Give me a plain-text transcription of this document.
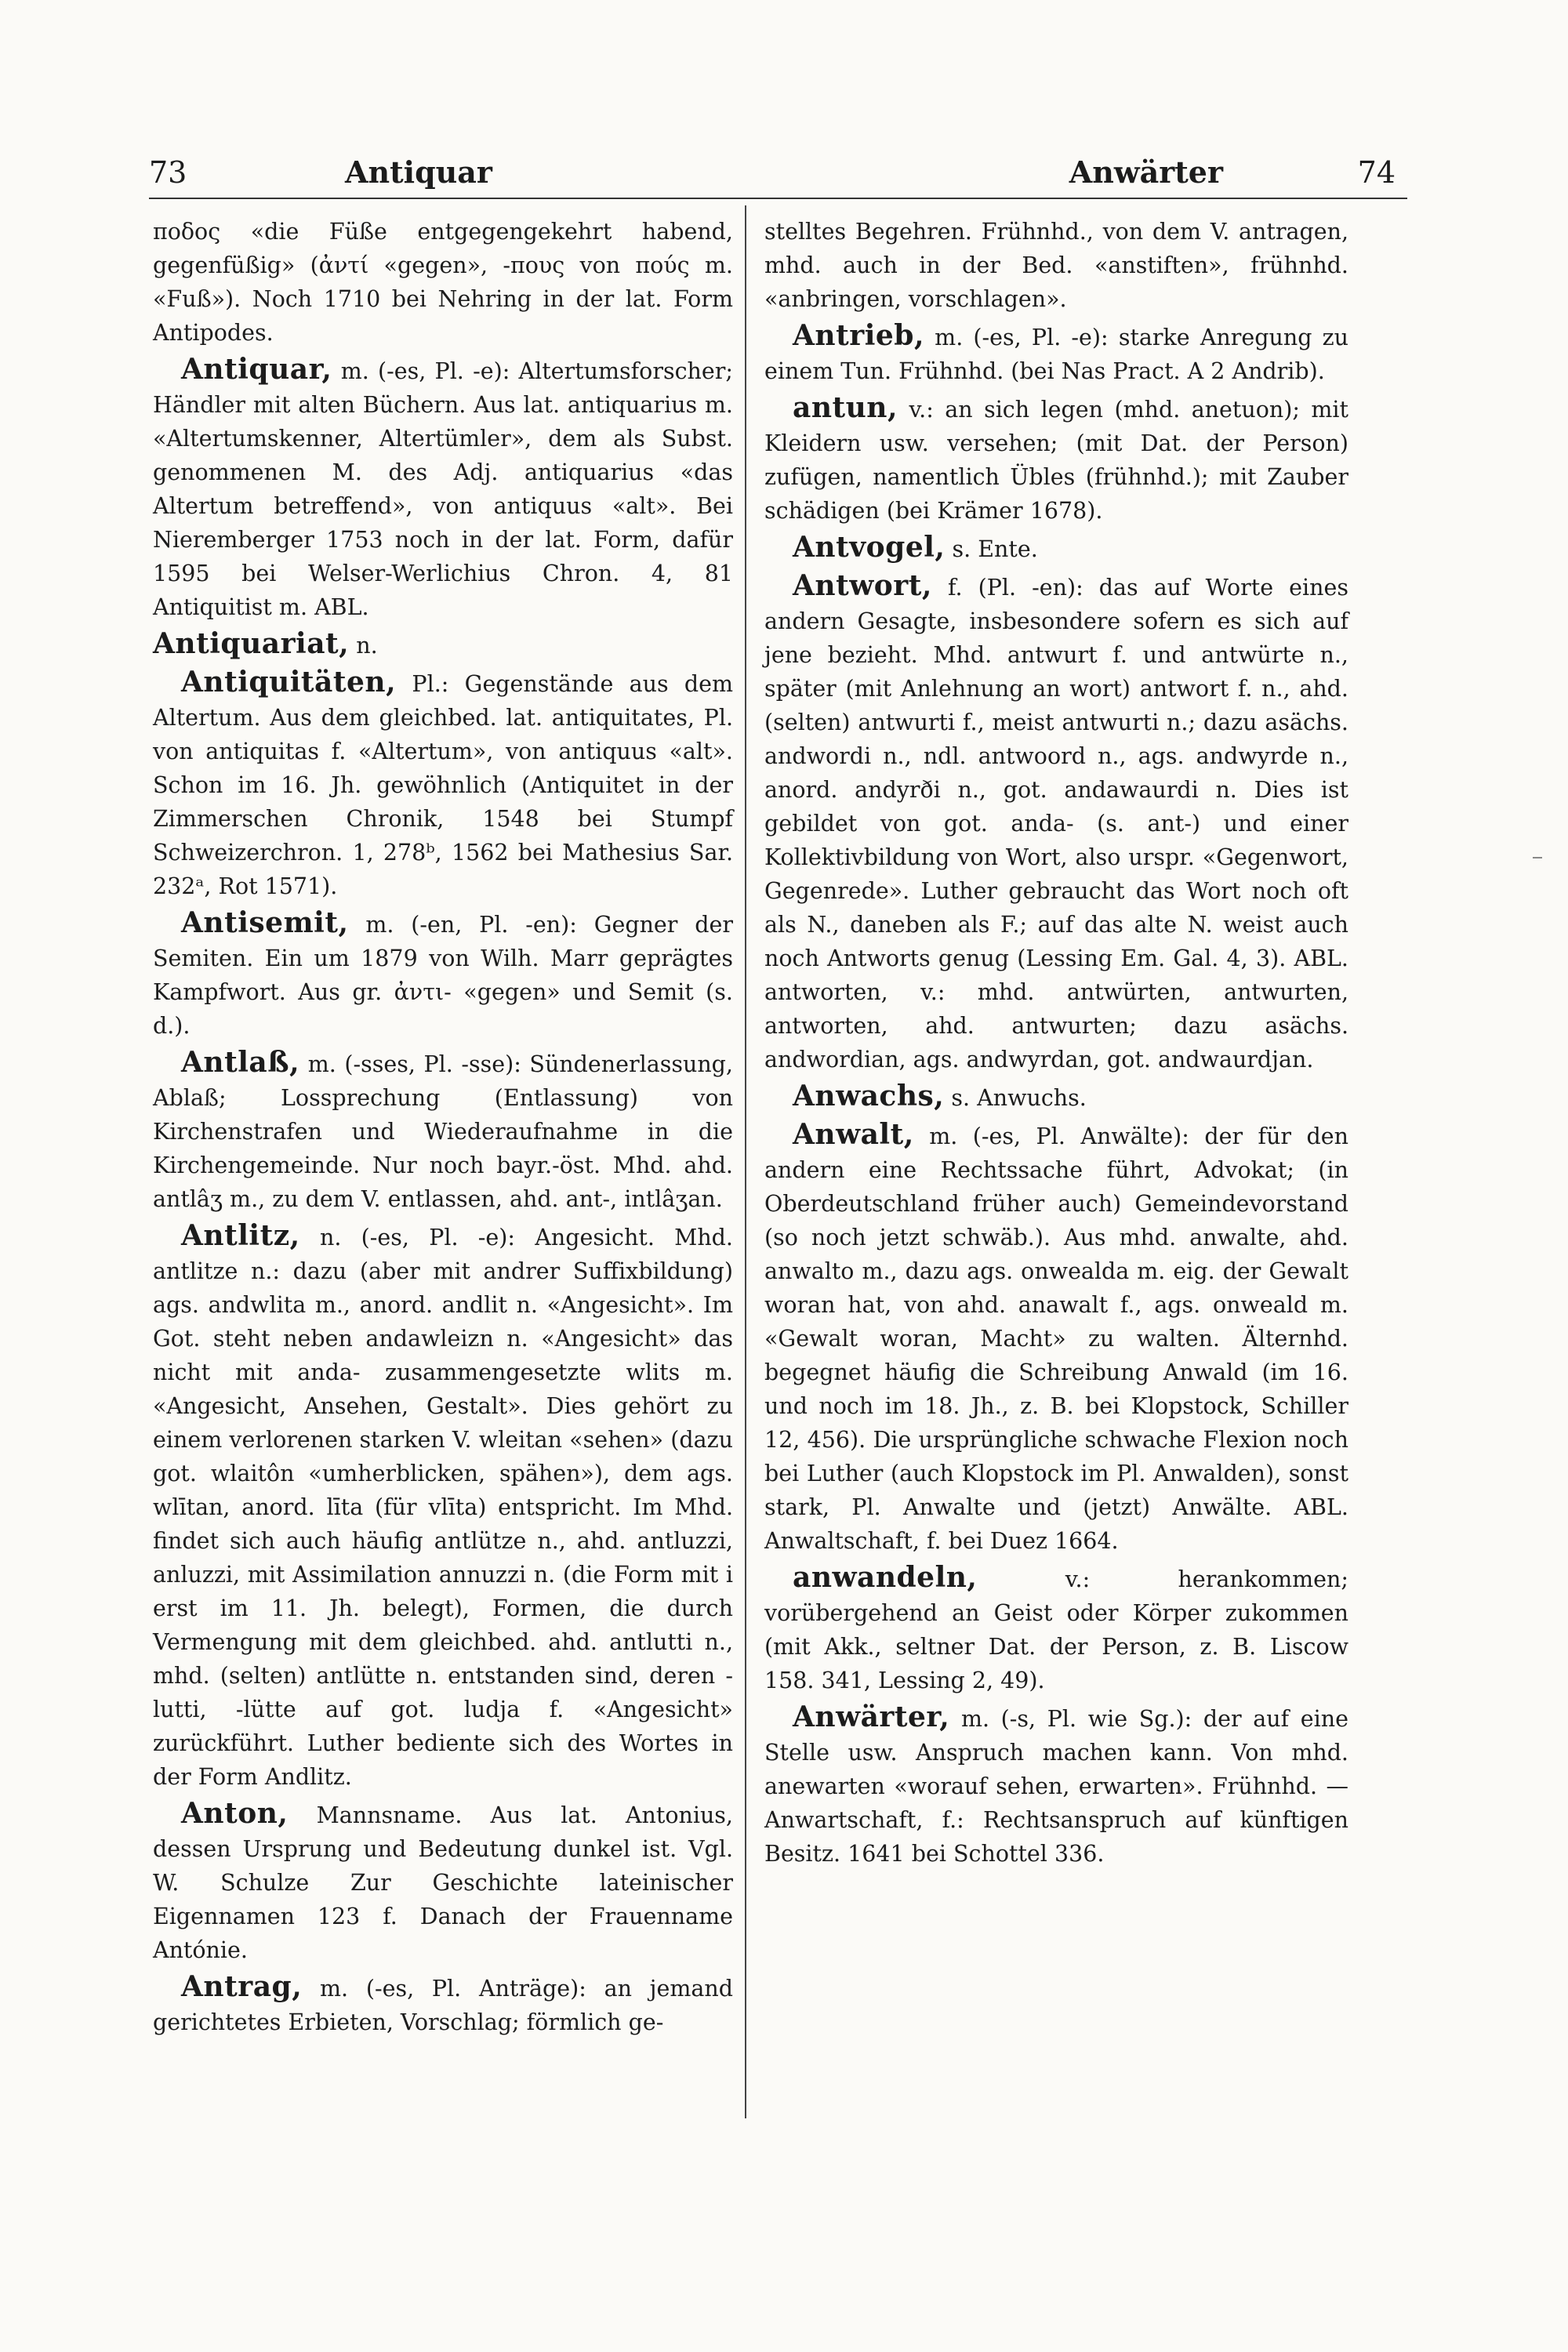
73	Antiquar	Anwärter	74

ποδος «die Füße entgegengekehrt habend, gegenfüßig» (ἀντί «gegen», -πους von πούς m. «Fuß»). Noch 1710 bei Nehring in der lat. Form Antipodes.

Antiquar, m. (-es, Pl. -e): Altertumsforscher; Händler mit alten Büchern. Aus lat. antiquarius m. «Altertumskenner, Altertümler», dem als Subst. genommenen M. des Adj. antiquarius «das Altertum betreffend», von antiquus «alt». Bei Nieremberger 1753 noch in der lat. Form, dafür 1595 bei Welser-Werlichius Chron. 4, 81 Antiquitist m. ABL.

Antiquariat, n.

Antiquitäten, Pl.: Gegenstände aus dem Altertum. Aus dem gleichbed. lat. antiquitates, Pl. von antiquitas f. «Altertum», von antiquus «alt». Schon im 16. Jh. gewöhnlich (Antiquitet in der Zimmerschen Chronik, 1548 bei Stumpf Schweizerchron. 1, 278ᵇ, 1562 bei Mathesius Sar. 232ᵃ, Rot 1571).

Antisemit, m. (-en, Pl. -en): Gegner der Semiten. Ein um 1879 von Wilh. Marr geprägtes Kampfwort. Aus gr. ἀντι- «gegen» und Semit (s. d.).

Antlaß, m. (-sses, Pl. -sse): Sündenerlassung, Ablaß; Lossprechung (Entlassung) von Kirchenstrafen und Wiederaufnahme in die Kirchengemeinde. Nur noch bayr.-öst. Mhd. ahd. antlâʒ m., zu dem V. entlassen, ahd. ant-, intlâʒan.

Antlitz, n. (-es, Pl. -e): Angesicht. Mhd. antlitze n.: dazu (aber mit andrer Suffixbildung) ags. andwlita m., anord. andlit n. «Angesicht». Im Got. steht neben andawleizn n. «Angesicht» das nicht mit anda- zusammengesetzte wlits m. «Angesicht, Ansehen, Gestalt». Dies gehört zu einem verlorenen starken V. wleitan «sehen» (dazu got. wlaitôn «umherblicken, spähen»), dem ags. wlītan, anord. līta (für vlīta) entspricht. Im Mhd. findet sich auch häufig antlütze n., ahd. antluzzi, anluzzi, mit Assimilation annuzzi n. (die Form mit i erst im 11. Jh. belegt), Formen, die durch Vermengung mit dem gleichbed. ahd. antlutti n., mhd. (selten) antlütte n. entstanden sind, deren -lutti, -lütte auf got. ludja f. «Angesicht» zurückführt. Luther bediente sich des Wortes in der Form Andlitz.

Anton, Mannsname. Aus lat. Antonius, dessen Ursprung und Bedeutung dunkel ist. Vgl. W. Schulze Zur Geschichte lateinischer Eigennamen 123 f. Danach der Frauenname Antónie.

Antrag, m. (-es, Pl. Anträge): an jemand gerichtetes Erbieten, Vorschlag; förmlich ge-

stelltes Begehren. Frühnhd., von dem V. antragen, mhd. auch in der Bed. «anstiften», frühnhd. «anbringen, vorschlagen».

Antrieb, m. (-es, Pl. -e): starke Anregung zu einem Tun. Frühnhd. (bei Nas Pract. A 2 Andrib).

antun, v.: an sich legen (mhd. anetuon); mit Kleidern usw. versehen; (mit Dat. der Person) zufügen, namentlich Übles (frühnhd.); mit Zauber schädigen (bei Krämer 1678).

Antvogel, s. Ente.

Antwort, f. (Pl. -en): das auf Worte eines andern Gesagte, insbesondere sofern es sich auf jene bezieht. Mhd. antwurt f. und antwürte n., später (mit Anlehnung an wort) antwort f. n., ahd. (selten) antwurti f., meist antwurti n.; dazu asächs. andwordi n., ndl. antwoord n., ags. andwyrde n., anord. andyrði n., got. andawaurdi n. Dies ist gebildet von got. anda- (s. ant-) und einer Kollektivbildung von Wort, also urspr. «Gegenwort, Gegenrede». Luther gebraucht das Wort noch oft als N., daneben als F.; auf das alte N. weist auch noch Antworts genug (Lessing Em. Gal. 4, 3). ABL. antworten, v.: mhd. antwürten, antwurten, antworten, ahd. antwurten; dazu asächs. andwordian, ags. andwyrdan, got. andwaurdjan.

Anwachs, s. Anwuchs.

Anwalt, m. (-es, Pl. Anwälte): der für den andern eine Rechtssache führt, Advokat; (in Oberdeutschland früher auch) Gemeindevorstand (so noch jetzt schwäb.). Aus mhd. anwalte, ahd. anwalto m., dazu ags. onwealda m. eig. der Gewalt woran hat, von ahd. anawalt f., ags. onweald m. «Gewalt woran, Macht» zu walten. Älternhd. begegnet häufig die Schreibung Anwald (im 16. und noch im 18. Jh., z. B. bei Klopstock, Schiller 12, 456). Die ursprüngliche schwache Flexion noch bei Luther (auch Klopstock im Pl. Anwalden), sonst stark, Pl. Anwalte und (jetzt) Anwälte. ABL. Anwaltschaft, f. bei Duez 1664.

anwandeln, v.: herankommen; vorübergehend an Geist oder Körper zukommen (mit Akk., seltner Dat. der Person, z. B. Liscow 158. 341, Lessing 2, 49).

Anwärter, m. (-s, Pl. wie Sg.): der auf eine Stelle usw. Anspruch machen kann. Von mhd. anewarten «worauf sehen, erwarten». Frühnhd. — Anwartschaft, f.: Rechtsanspruch auf künftigen Besitz. 1641 bei Schottel 336.
